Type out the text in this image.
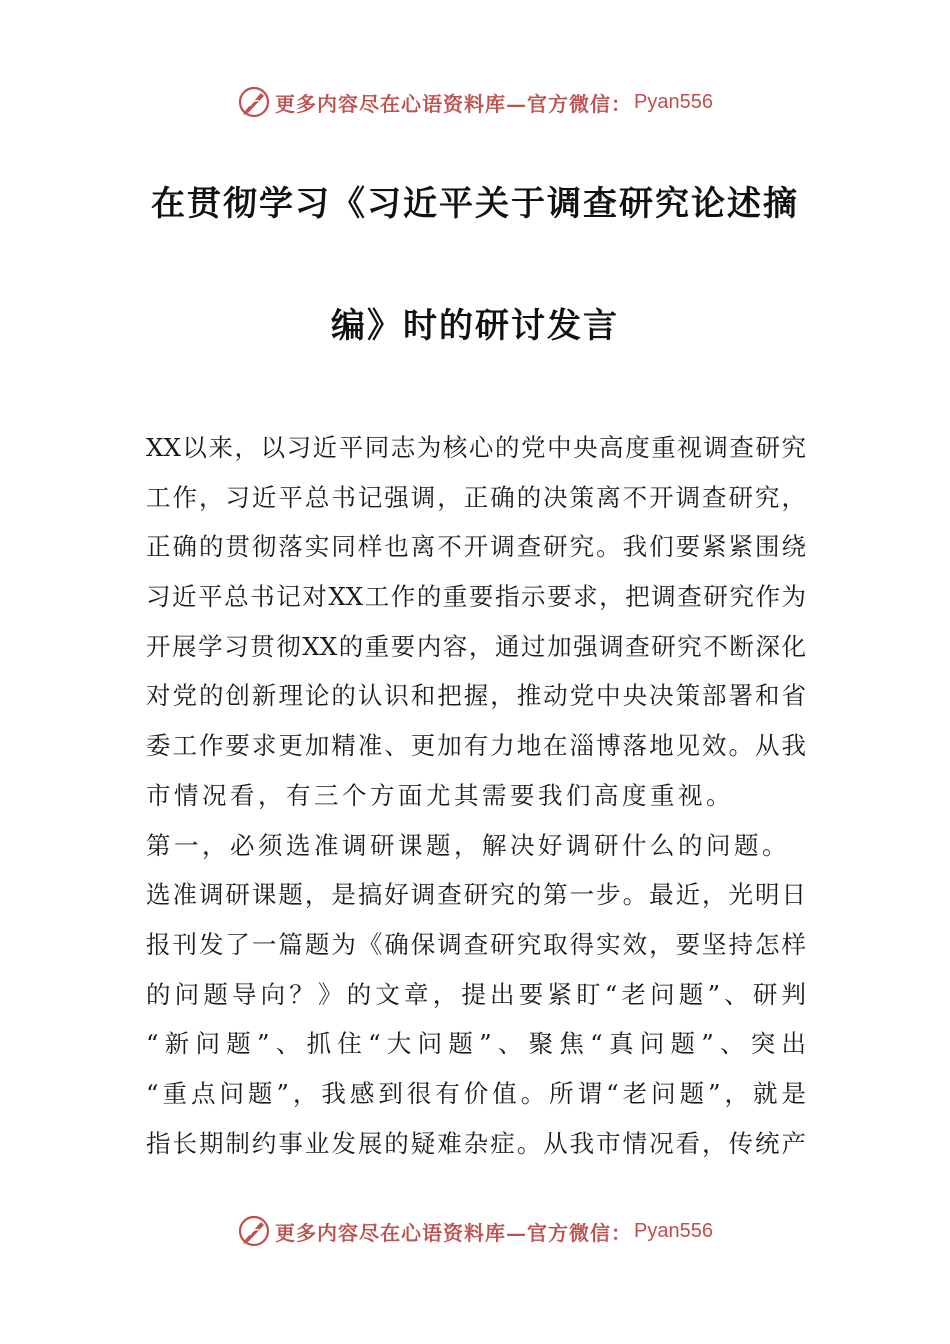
更多内容尽在心语资料库—官方微信： Pyan556
在贯彻学习《习近平关于调查研究论述摘
编》时的研讨发言
XX以来，以习近平同志为核心的党中央高度重视调查研究
工作，习近平总书记强调，正确的决策离不开调查研究，
正确的贯彻落实同样也离不开调查研究。我们要紧紧围绕
习近平总书记对XX工作的重要指示要求，把调查研究作为
开展学习贯彻XX的重要内容，通过加强调查研究不断深化
对党的创新理论的认识和把握，推动党中央决策部署和省
委工作要求更加精准、更加有力地在淄博落地见效。从我
市情况看，有三个方面尤其需要我们高度重视。
第一，必须选准调研课题，解决好调研什么的问题。
选准调研课题，是搞好调查研究的第一步。最近，光明日
报刊发了一篇题为《确保调查研究取得实效，要坚持怎样
的问题导向？》的文章，提出要紧盯“老问题”、研判
“新问题”、抓住“大问题”、聚焦“真问题”、突出
“重点问题”，我感到很有价值。所谓“老问题”，就是
指长期制约事业发展的疑难杂症。从我市情况看，传统产
更多内容尽在心语资料库—官方微信： Pyan556
